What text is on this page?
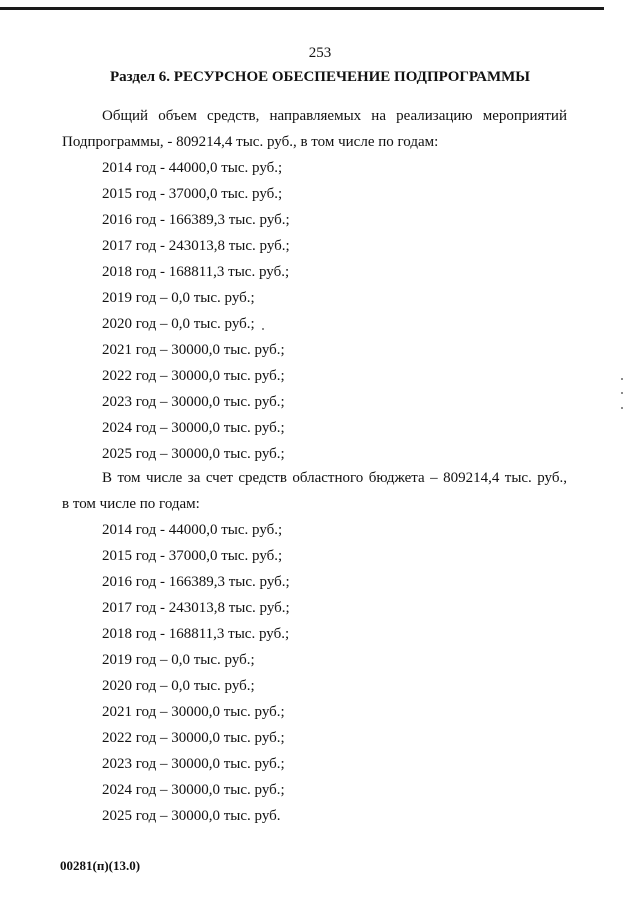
253
Раздел 6. РЕСУРСНОЕ ОБЕСПЕЧЕНИЕ ПОДПРОГРАММЫ

Общий объем средств, направляемых на реализацию мероприятий
Подпрограммы, - 809214,4 тыс. руб., в том числе по годам:

2014 год - 44000,0 тыс. руб.;
2015 год - 37000,0 тыс. руб.;
2016 год - 166389,3 тыс. руб.;
2017 год - 243013,8 тыс. руб.;
2018 год - 168811,3 тыс. руб.;
2019 год – 0,0 тыс. руб.;
2020 год – 0,0 тыс. руб.;
2021 год – 30000,0 тыс. руб.;
2022 год – 30000,0 тыс. руб.;
2023 год – 30000,0 тыс. руб.;
2024 год – 30000,0 тыс. руб.;
2025 год – 30000,0 тыс. руб.;

В том числе за счет средств областного бюджета – 809214,4 тыс. руб.,
в том числе по годам:

2014 год - 44000,0 тыс. руб.;
2015 год - 37000,0 тыс. руб.;
2016 год - 166389,3 тыс. руб.;
2017 год - 243013,8 тыс. руб.;
2018 год - 168811,3 тыс. руб.;
2019 год – 0,0 тыс. руб.;
2020 год – 0,0 тыс. руб.;
2021 год – 30000,0 тыс. руб.;
2022 год – 30000,0 тыс. руб.;
2023 год – 30000,0 тыс. руб.;
2024 год – 30000,0 тыс. руб.;
2025 год – 30000,0 тыс. руб.
00281(п)(13.0)
